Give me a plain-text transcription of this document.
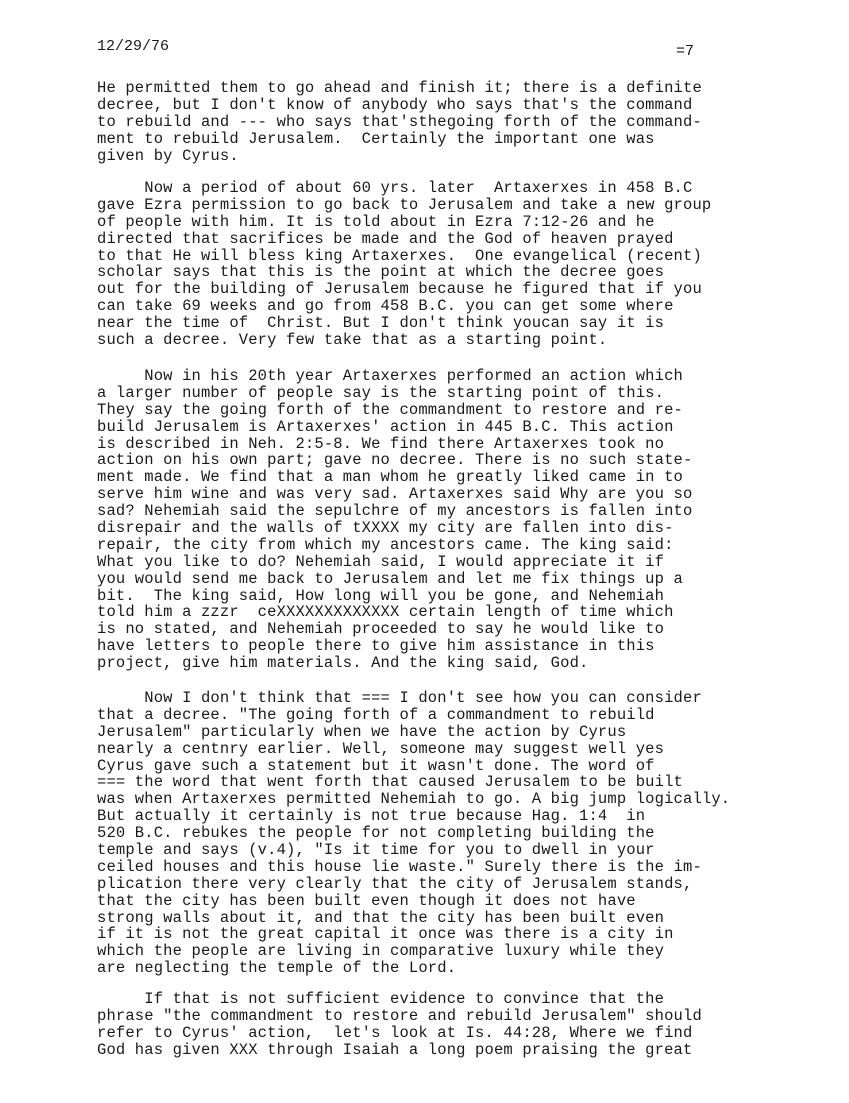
12/29/76	=7
He permitted them to go ahead and finish it; there is a definite
decree, but I don't know of anybody who says that's the command
to rebuild and --- who says that'sthegoing forth of the command-
ment to rebuild Jerusalem.  Certainly the important one was
given by Cyrus.
Now a period of about 60 yrs. later  Artaxerxes in 458 B.C
gave Ezra permission to go back to Jerusalem and take a new group
of people with him. It is told about in Ezra 7:12-26 and he
directed that sacrifices be made and the God of heaven prayed
to that He will bless king Artaxerxes.  One evangelical (recent)
scholar says that this is the point at which the decree goes
out for the building of Jerusalem because he figured that if you
can take 69 weeks and go from 458 B.C. you can get some where
near the time of  Christ. But I don't think youcan say it is
such a decree. Very few take that as a starting point.
Now in his 20th year Artaxerxes performed an action which
a larger number of people say is the starting point of this.
They say the going forth of the commandment to restore and re-
build Jerusalem is Artaxerxes' action in 445 B.C. This action
is described in Neh. 2:5-8. We find there Artaxerxes took no
action on his own part; gave no decree. There is no such state-
ment made. We find that a man whom he greatly liked came in to
serve him wine and was very sad. Artaxerxes said Why are you so
sad? Nehemiah said the sepulchre of my ancestors is fallen into
disrepair and the walls of tXXXX my city are fallen into dis-
repair, the city from which my ancestors came. The king said:
What you like to do? Nehemiah said, I would appreciate it if
you would send me back to Jerusalem and let me fix things up a
bit.  The king said, How long will you be gone, and Nehemiah
told him a zzzr  ceXXXXXXXXXXXXX certain length of time which
is no stated, and Nehemiah proceeded to say he would like to
have letters to people there to give him assistance in this
project, give him materials. And the king said, God.
Now I don't think that === I don't see how you can consider
that a decree. "The going forth of a commandment to rebuild
Jerusalem" particularly when we have the action by Cyrus
nearly a centnry earlier. Well, someone may suggest well yes
Cyrus gave such a statement but it wasn't done. The word of
=== the word that went forth that caused Jerusalem to be built
was when Artaxerxes permitted Nehemiah to go. A big jump logically.
But actually it certainly is not true because Hag. 1:4  in
520 B.C. rebukes the people for not completing building the
temple and says (v.4), "Is it time for you to dwell in your
ceiled houses and this house lie waste." Surely there is the im-
plication there very clearly that the city of Jerusalem stands,
that the city has been built even though it does not have
strong walls about it, and that the city has been built even
if it is not the great capital it once was there is a city in
which the people are living in comparative luxury while they
are neglecting the temple of the Lord.
If that is not sufficient evidence to convince that the
phrase "the commandment to restore and rebuild Jerusalem" should
refer to Cyrus' action,  let's look at Is. 44:28, Where we find
God has given XXX through Isaiah a long poem praising the great
